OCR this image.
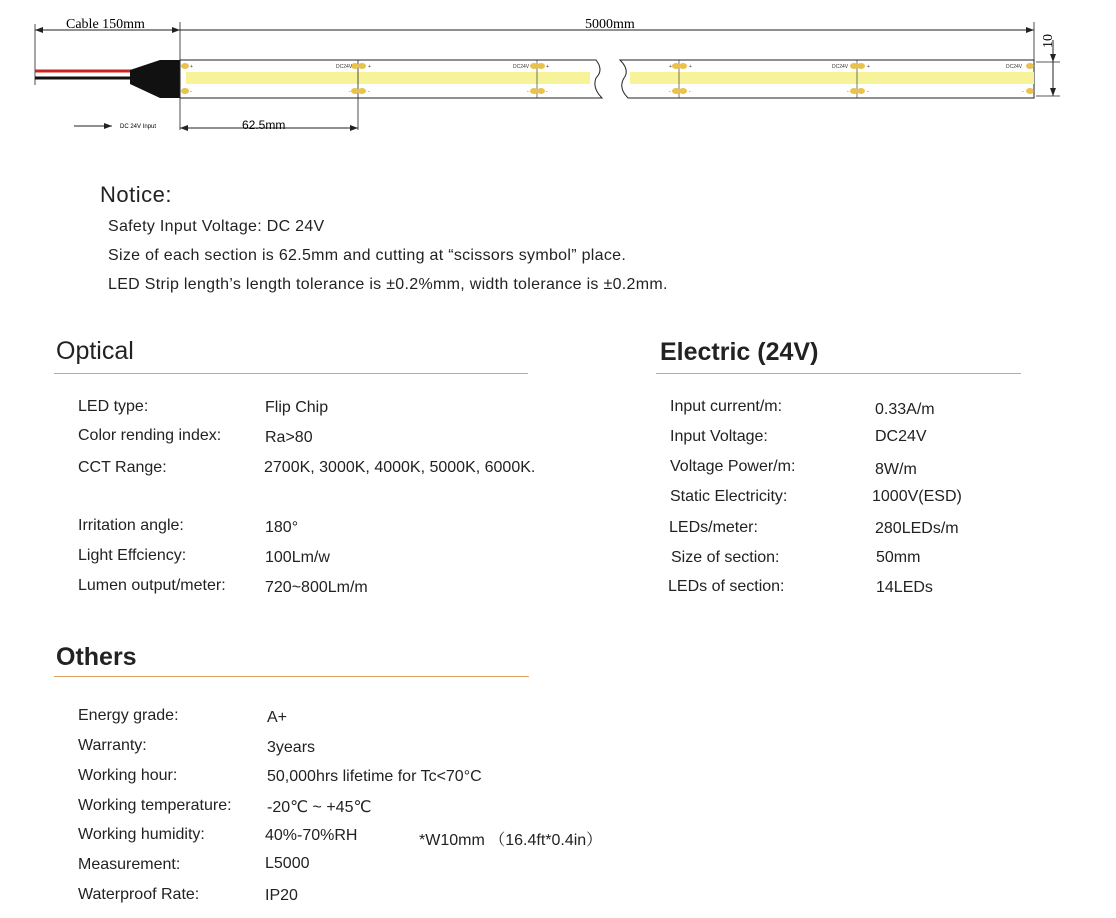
Cable 150mm	5000mm
10
+
-
DC24V	+
-	-
DC24V	+
-	-
+	+
-	-
DC24V	+
-	-
DC24V
-
DC 24V Input	62.5mm
Notice:
Safety Input Voltage: DC 24V
Size of each section is 62.5mm and cutting at “scissors symbol” place.
LED Strip length’s length tolerance is ±0.2%mm, width tolerance is ±0.2mm.
Optical
LED type:	Flip Chip
Color rending index:	Ra>80
CCT Range:	2700K, 3000K, 4000K, 5000K, 6000K.
Irritation angle:	180°
Light Effciency:	100Lm/w
Lumen output/meter: 720~800Lm/m
Electric (24V)
Input current/m:	0.33A/m
Input Voltage:	DC24V
Voltage Power/m:	8W/m
Static Electricity:	1000V(ESD)
LEDs/meter:	280LEDs/m
Size of section:	50mm
LEDs of section:	14LEDs
Others
Energy grade:	A+
Warranty:	3years
Working hour:	50,000hrs lifetime for Tc<70°C
Working temperature: -20℃ ~ +45℃
Working humidity:	40%-70%RH	*W10mm （16.4ft*0.4in）
Measurement:	L5000
Waterproof Rate:	IP20
